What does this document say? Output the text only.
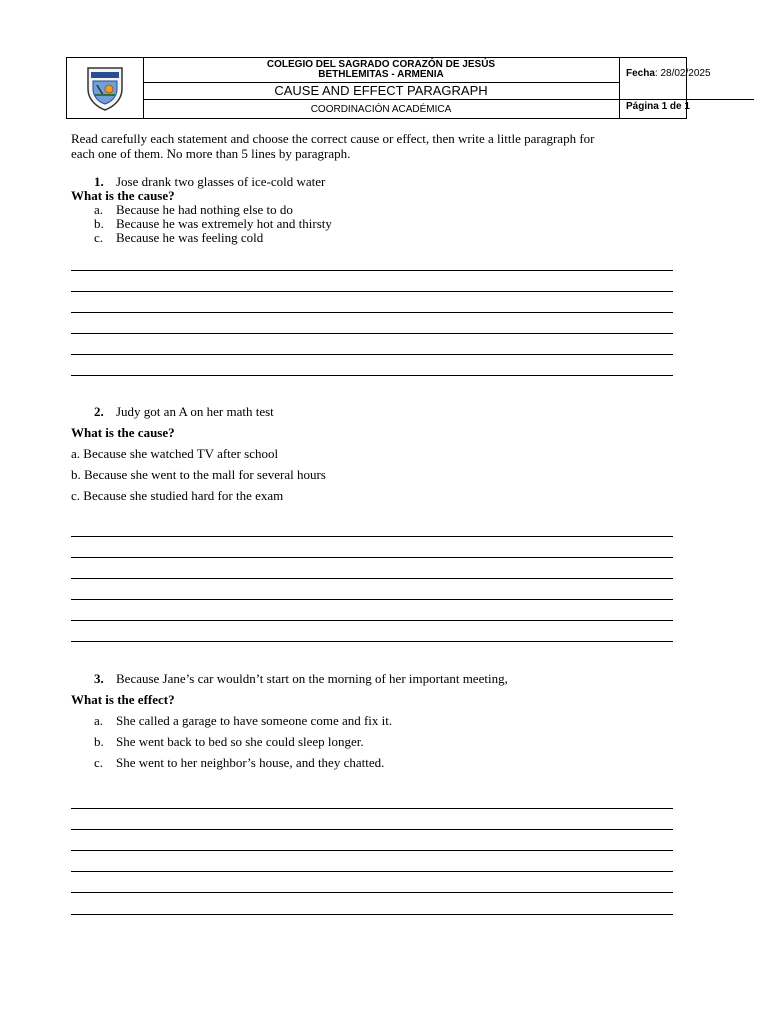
COLEGIO DEL SAGRADO CORAZÓN DE JESÚS
BETHLEMITAS - ARMENIA
CAUSE AND EFFECT PARAGRAPH
COORDINACIÓN ACADÉMICA
Fecha: 28/02/2025
Página 1 de 1
Read carefully each statement and choose the correct cause or effect, then write a little paragraph for
each one of them. No more than 5 lines by paragraph.
1. Jose drank two glasses of ice-cold water
What is the cause?
a. Because he had nothing else to do
b. Because he was extremely hot and thirsty
c. Because he was feeling cold
2. Judy got an A on her math test
What is the cause?
a. Because she watched TV after school
b. Because she went to the mall for several hours
c. Because she studied hard for the exam
3. Because Jane’s car wouldn’t start on the morning of her important meeting,
What is the effect?
a. She called a garage to have someone come and fix it.
b. She went back to bed so she could sleep longer.
c. She went to her neighbor’s house, and they chatted.
